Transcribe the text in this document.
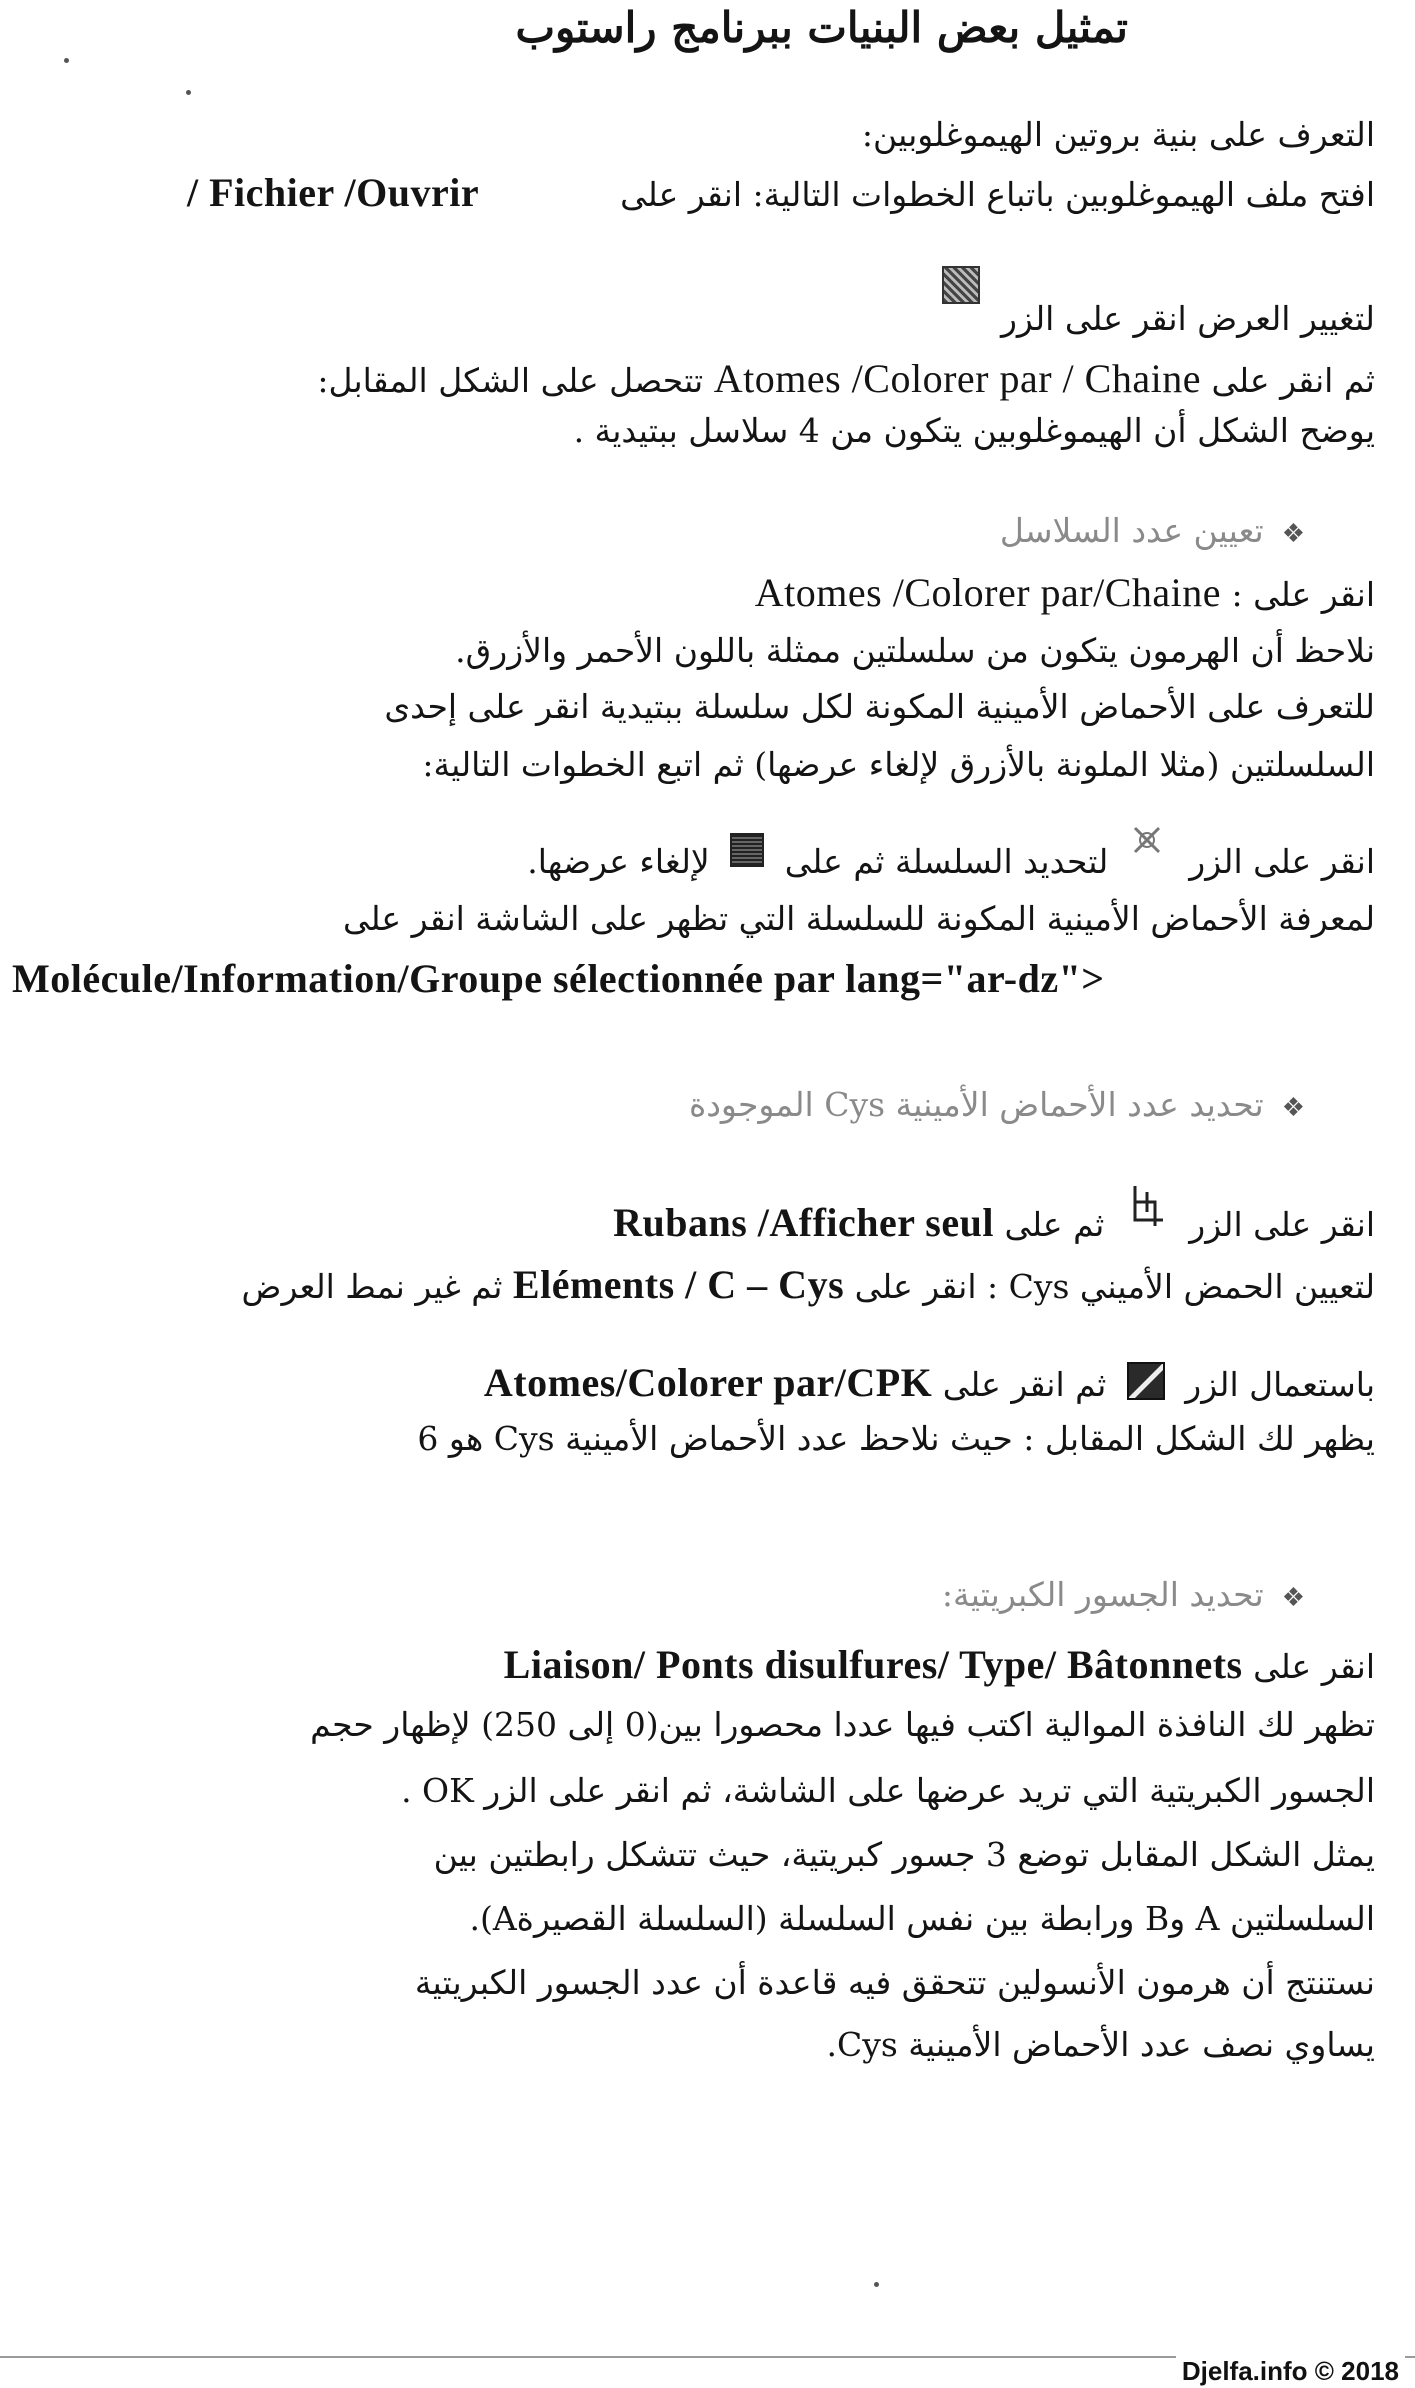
تمثيل بعض البنيات ببرنامج راستوب
التعرف على بنية بروتين الهيموغلوبين:
افتح ملف الهيموغلوبين باتباع الخطوات التالية: انقر على  Fichier /Ouvrir /
لتغيير العرض انقر على الزر
ثم انقر على Atomes /Colorer par / Chaine تتحصل على الشكل المقابل:
يوضح الشكل أن الهيموغلوبين يتكون من 4 سلاسل ببتيدية .
❖تعيين عدد السلاسل
انقر على : Atomes /Colorer par/Chaine
نلاحظ أن الهرمون يتكون من سلسلتين ممثلة باللون الأحمر والأزرق.
للتعرف على الأحماض الأمينية المكونة لكل سلسلة ببتيدية انقر على إحدى
السلسلتين (مثلا الملونة بالأزرق لإلغاء عرضها) ثم اتبع الخطوات التالية:
انقر على الزر  لتحديد السلسلة ثم على  لإلغاء عرضها.
لمعرفة الأحماض الأمينية المكونة للسلسلة التي تظهر على الشاشة انقر على
Molécule/Information/Groupe sélectionnée par lang="ar-dz">
❖تحديد عدد الأحماض الأمينية Cys الموجودة
انقر على الزر  ثم على Rubans /Afficher seul
لتعيين الحمض الأميني Cys : انقر على Eléments / C – Cys ثم غير نمط العرض
باستعمال الزر  ثم انقر على Atomes/Colorer par/CPK
يظهر لك الشكل المقابل : حيث نلاحظ عدد الأحماض الأمينية Cys هو 6
❖تحديد الجسور الكبريتية:
انقر على Liaison/ Ponts disulfures/ Type/ Bâtonnets
تظهر لك النافذة الموالية اكتب فيها عددا محصورا بين(0 إلى 250) لإظهار حجم
الجسور الكبريتية التي تريد عرضها على الشاشة، ثم انقر على الزر OK .
يمثل الشكل المقابل توضع 3 جسور كبريتية، حيث تتشكل رابطتين بين
السلسلتين A وB ورابطة بين نفس السلسلة (السلسلة القصيرةA).
نستنتج أن هرمون الأنسولين تتحقق فيه قاعدة أن عدد الجسور الكبريتية
يساوي نصف عدد الأحماض الأمينية Cys.
Djelfa.info © 2018
